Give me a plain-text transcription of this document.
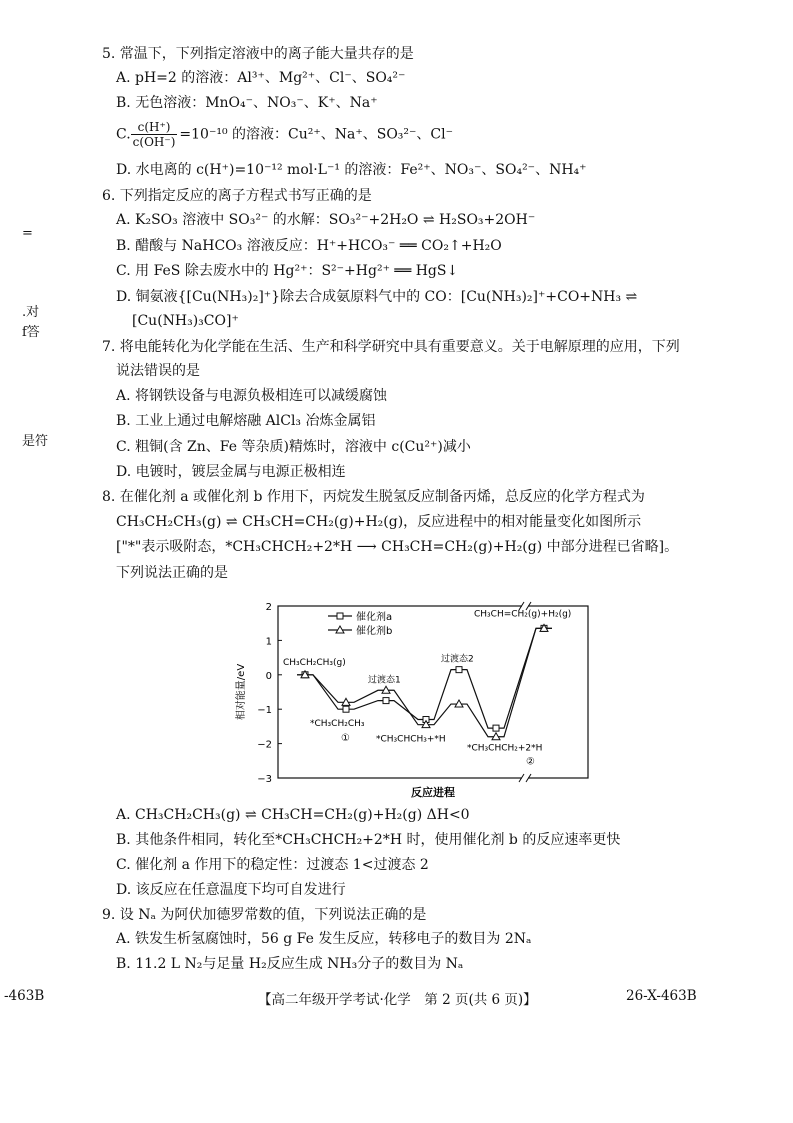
=
.对
f答
是符
5. 常温下，下列指定溶液中的离子能大量共存的是
A. pH=2 的溶液：Al³⁺、Mg²⁺、Cl⁻、SO₄²⁻
B. 无色溶液：MnO₄⁻、NO₃⁻、K⁺、Na⁺
C. $\frac{c(H^+)}{c(OH^-)} =10^{-10}$ 的溶液：Cu²⁺、Na⁺、SO₃²⁻、Cl⁻
D. 水电离的 c(H⁺)=10⁻¹² mol·L⁻¹ 的溶液：Fe²⁺、NO₃⁻、SO₄²⁻、NH₄⁺
6. 下列指定反应的离子方程式书写正确的是
A. K₂SO₃ 溶液中 SO₃²⁻ 的水解：SO₃²⁻+2H₂O ⇌ H₂SO₃+2OH⁻
B. 醋酸与 NaHCO₃ 溶液反应：H⁺+HCO₃⁻ ══ CO₂↑+H₂O
C. 用 FeS 除去废水中的 Hg²⁺：S²⁻+Hg²⁺ ══ HgS↓
D. 铜氨液{[Cu(NH₃)₂]⁺}除去合成氨原料气中的 CO：[Cu(NH₃)₂]⁺+CO+NH₃ ⇌
[Cu(NH₃)₃CO]⁺
7. 将电能转化为化学能在生活、生产和科学研究中具有重要意义。关于电解原理的应用，下列
说法错误的是
A. 将钢铁设备与电源负极相连可以减缓腐蚀
B. 工业上通过电解熔融 AlCl₃ 冶炼金属铝
C. 粗铜(含 Zn、Fe 等杂质)精炼时，溶液中 c(Cu²⁺)减小
D. 电镀时，镀层金属与电源正极相连
8. 在催化剂 a 或催化剂 b 作用下，丙烷发生脱氢反应制备丙烯，总反应的化学方程式为
CH₃CH₂CH₃(g) ⇌ CH₃CH=CH₂(g)+H₂(g)，反应进程中的相对能量变化如图所示
["*"表示吸附态，*CH₃CHCH₂+2*H ⟶ CH₃CH=CH₂(g)+H₂(g) 中部分进程已省略]。
下列说法正确的是
2
1
0
−1
−2
−3
相对能量/eV
反应进程
催化剂a
催化剂b
CH₃CH₂CH₃(g)
过渡态1
过渡态2
CH₃CH=CH₂(g)+H₂(g)
*CH₃CH₂CH₃
①	*CH₃CHCH₃+*H
*CH₃CHCH₂+2*H
②
A. CH₃CH₂CH₃(g) ⇌ CH₃CH=CH₂(g)+H₂(g) ΔH<0
B. 其他条件相同，转化至*CH₃CHCH₂+2*H 时，使用催化剂 b 的反应速率更快
C. 催化剂 a 作用下的稳定性：过渡态 1<过渡态 2
D. 该反应在任意温度下均可自发进行
9. 设 Nₐ 为阿伏加德罗常数的值，下列说法正确的是
A. 铁发生析氢腐蚀时，56 g Fe 发生反应，转移电子的数目为 2Nₐ
B. 11.2 L N₂与足量 H₂反应生成 NH₃分子的数目为 Nₐ
-463B	【高二年级开学考试·化学　第 2 页(共 6 页)】	26-X-463B
